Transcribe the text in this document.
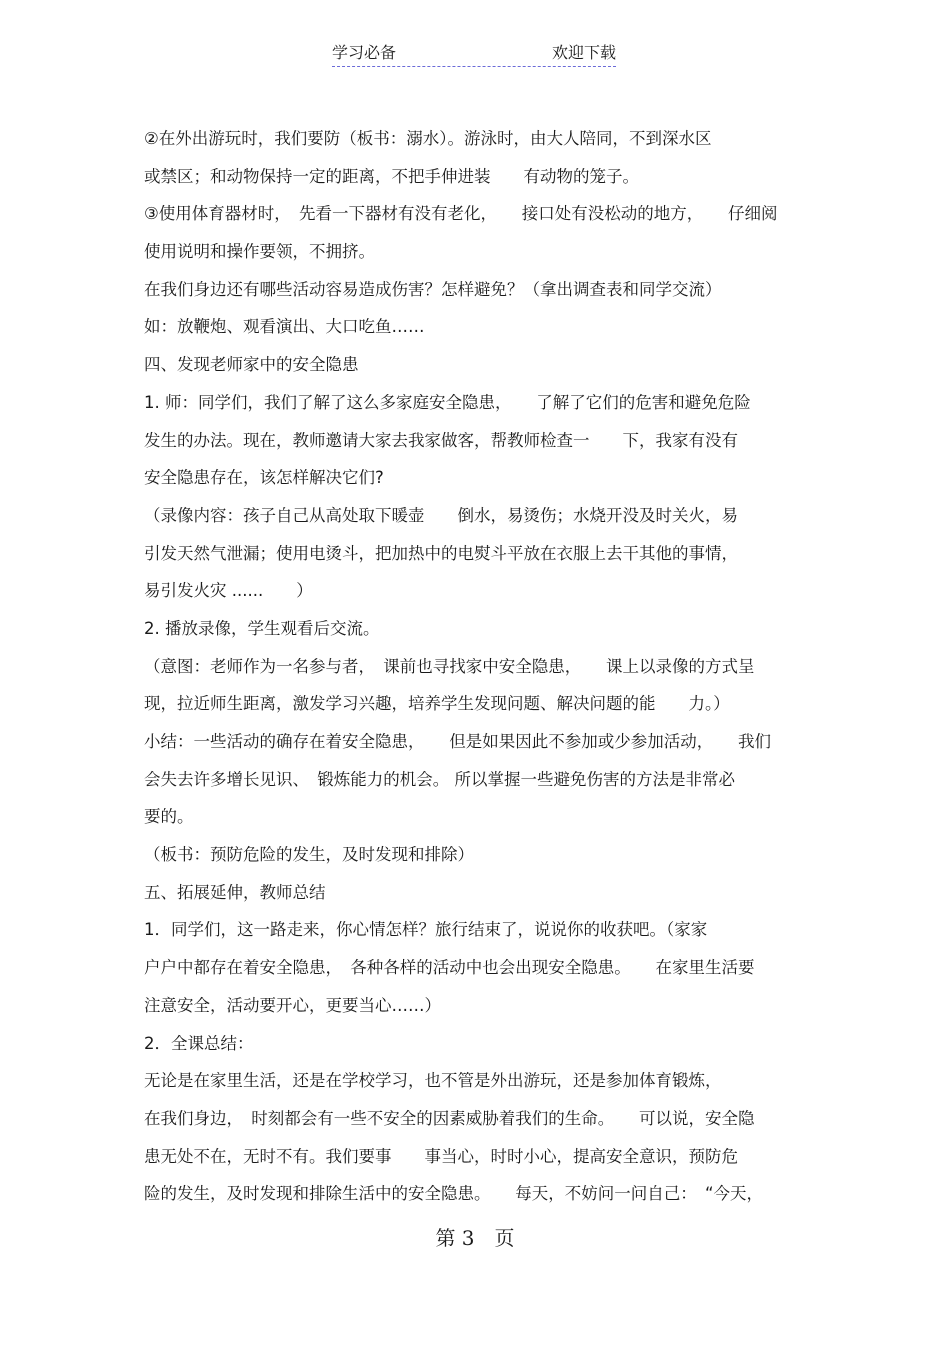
学习必备	欢迎下载
②在外出游玩时，我们要防（板书：溺水）。游泳时，由大人陪同，不到深水区
或禁区；和动物保持一定的距离，不把手伸进装　　有动物的笼子。
③使用体育器材时，　先看一下器材有没有老化，　　接口处有没松动的地方，　　仔细阅
使用说明和操作要领，不拥挤。
在我们身边还有哪些活动容易造成伤害？怎样避免？（拿出调查表和同学交流）
如：放鞭炮、观看演出、大口吃鱼……
四、发现老师家中的安全隐患
1. 师：同学们，我们了解了这么多家庭安全隐患，　　了解了它们的危害和避免危险
发生的办法。现在，教师邀请大家去我家做客，帮教师检查一　　下，我家有没有
安全隐患存在，该怎样解决它们?
（录像内容：孩子自己从高处取下暖壶　　倒水，易烫伤；水烧开没及时关火，易
引发天然气泄漏；使用电烫斗，把加热中的电熨斗平放在衣服上去干其他的事情，
易引发火灾 ......　　）
2. 播放录像，学生观看后交流。
（意图：老师作为一名参与者，　课前也寻找家中安全隐患，　　课上以录像的方式呈
现，拉近师生距离，激发学习兴趣，培养学生发现问题、解决问题的能　　力。）
小结：一些活动的确存在着安全隐患，　　但是如果因此不参加或少参加活动，　　我们
会失去许多增长见识、　锻炼能力的机会。 所以掌握一些避免伤害的方法是非常必
要的。
（板书：预防危险的发生，及时发现和排除）
五、拓展延伸，教师总结
1．同学们，这一路走来，你心情怎样？旅行结束了，说说你的收获吧。（家家
户户中都存在着安全隐患，　各种各样的活动中也会出现安全隐患。　　在家里生活要
注意安全，活动要开心，更要当心……）
2．全课总结：
无论是在家里生活，还是在学校学习，也不管是外出游玩，还是参加体育锻炼，
在我们身边，　时刻都会有一些不安全的因素威胁着我们的生命。　　可以说，安全隐
患无处不在，无时不有。我们要事　　事当心，时时小心，提高安全意识，预防危
险的发生，及时发现和排除生活中的安全隐患。　　每天，不妨问一问自己：　“今天，
第 3　页
